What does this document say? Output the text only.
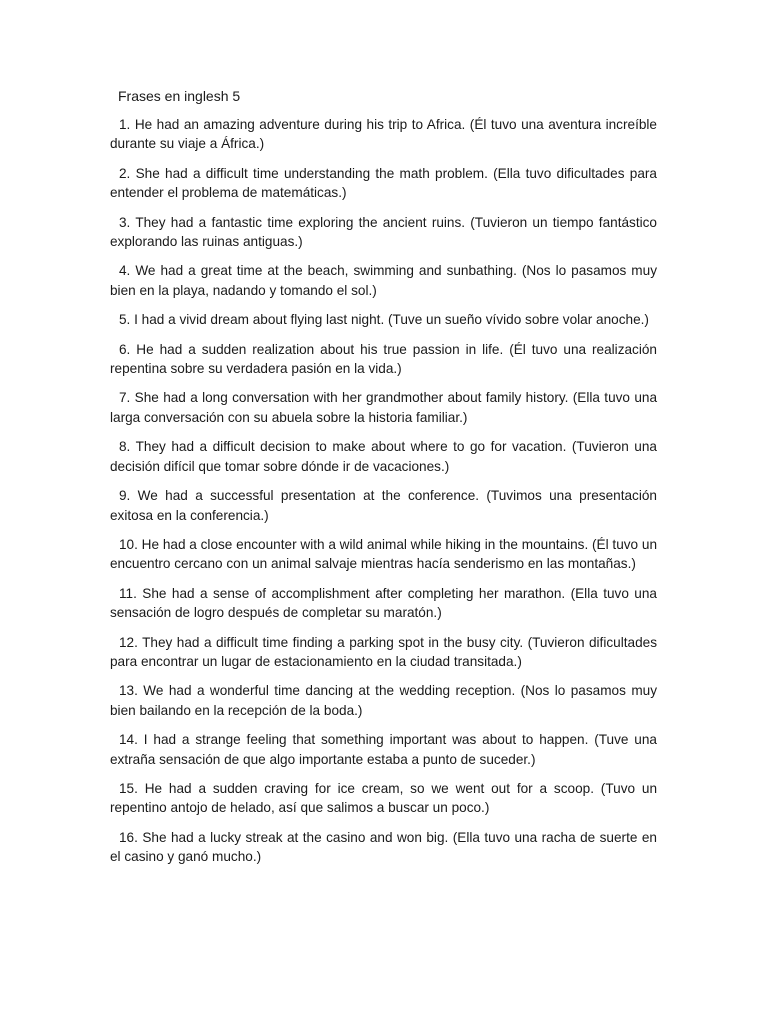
Frases en inglesh 5
1. He had an amazing adventure during his trip to Africa. (Él tuvo una aventura increíble durante su viaje a África.)
2. She had a difficult time understanding the math problem. (Ella tuvo dificultades para entender el problema de matemáticas.)
3. They had a fantastic time exploring the ancient ruins. (Tuvieron un tiempo fantástico explorando las ruinas antiguas.)
4. We had a great time at the beach, swimming and sunbathing. (Nos lo pasamos muy bien en la playa, nadando y tomando el sol.)
5. I had a vivid dream about flying last night. (Tuve un sueño vívido sobre volar anoche.)
6. He had a sudden realization about his true passion in life. (Él tuvo una realización repentina sobre su verdadera pasión en la vida.)
7. She had a long conversation with her grandmother about family history. (Ella tuvo una larga conversación con su abuela sobre la historia familiar.)
8. They had a difficult decision to make about where to go for vacation. (Tuvieron una decisión difícil que tomar sobre dónde ir de vacaciones.)
9. We had a successful presentation at the conference. (Tuvimos una presentación exitosa en la conferencia.)
10. He had a close encounter with a wild animal while hiking in the mountains. (Él tuvo un encuentro cercano con un animal salvaje mientras hacía senderismo en las montañas.)
11. She had a sense of accomplishment after completing her marathon. (Ella tuvo una sensación de logro después de completar su maratón.)
12. They had a difficult time finding a parking spot in the busy city. (Tuvieron dificultades para encontrar un lugar de estacionamiento en la ciudad transitada.)
13. We had a wonderful time dancing at the wedding reception. (Nos lo pasamos muy bien bailando en la recepción de la boda.)
14. I had a strange feeling that something important was about to happen. (Tuve una extraña sensación de que algo importante estaba a punto de suceder.)
15. He had a sudden craving for ice cream, so we went out for a scoop. (Tuvo un repentino antojo de helado, así que salimos a buscar un poco.)
16. She had a lucky streak at the casino and won big. (Ella tuvo una racha de suerte en el casino y ganó mucho.)
